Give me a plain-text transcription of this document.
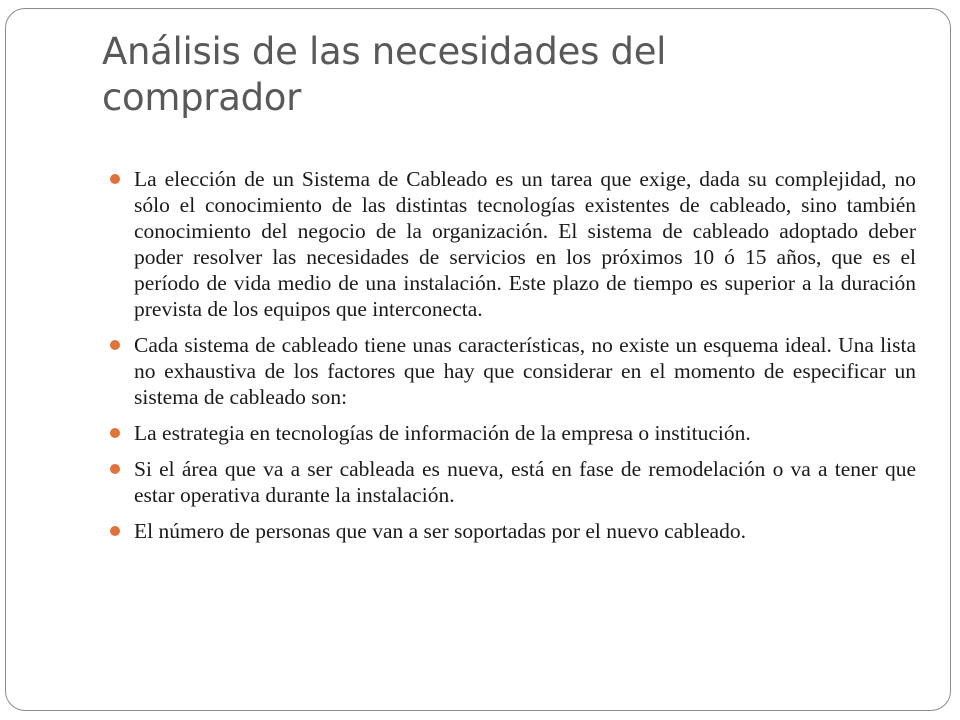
Análisis de las necesidades del comprador
La elección de un Sistema de Cableado es un tarea que exige, dada su complejidad, no sólo el conocimiento de las distintas tecnologías existentes de cableado, sino también conocimiento del negocio de la organización. El sistema de cableado adoptado deber poder resolver las necesidades de servicios en los próximos 10 ó 15 años, que es el período de vida medio de una instalación. Este plazo de tiempo es superior a la duración prevista de los equipos que interconecta.
Cada sistema de cableado tiene unas características, no existe un esquema ideal. Una lista no exhaustiva de los factores que hay que considerar en el momento de especificar un sistema de cableado son:
La estrategia en tecnologías de información de la empresa o institución.
Si el área que va a ser cableada es nueva, está en fase de remodelación o va a tener que estar operativa durante la instalación.
El número de personas que van a ser soportadas por el nuevo cableado.
